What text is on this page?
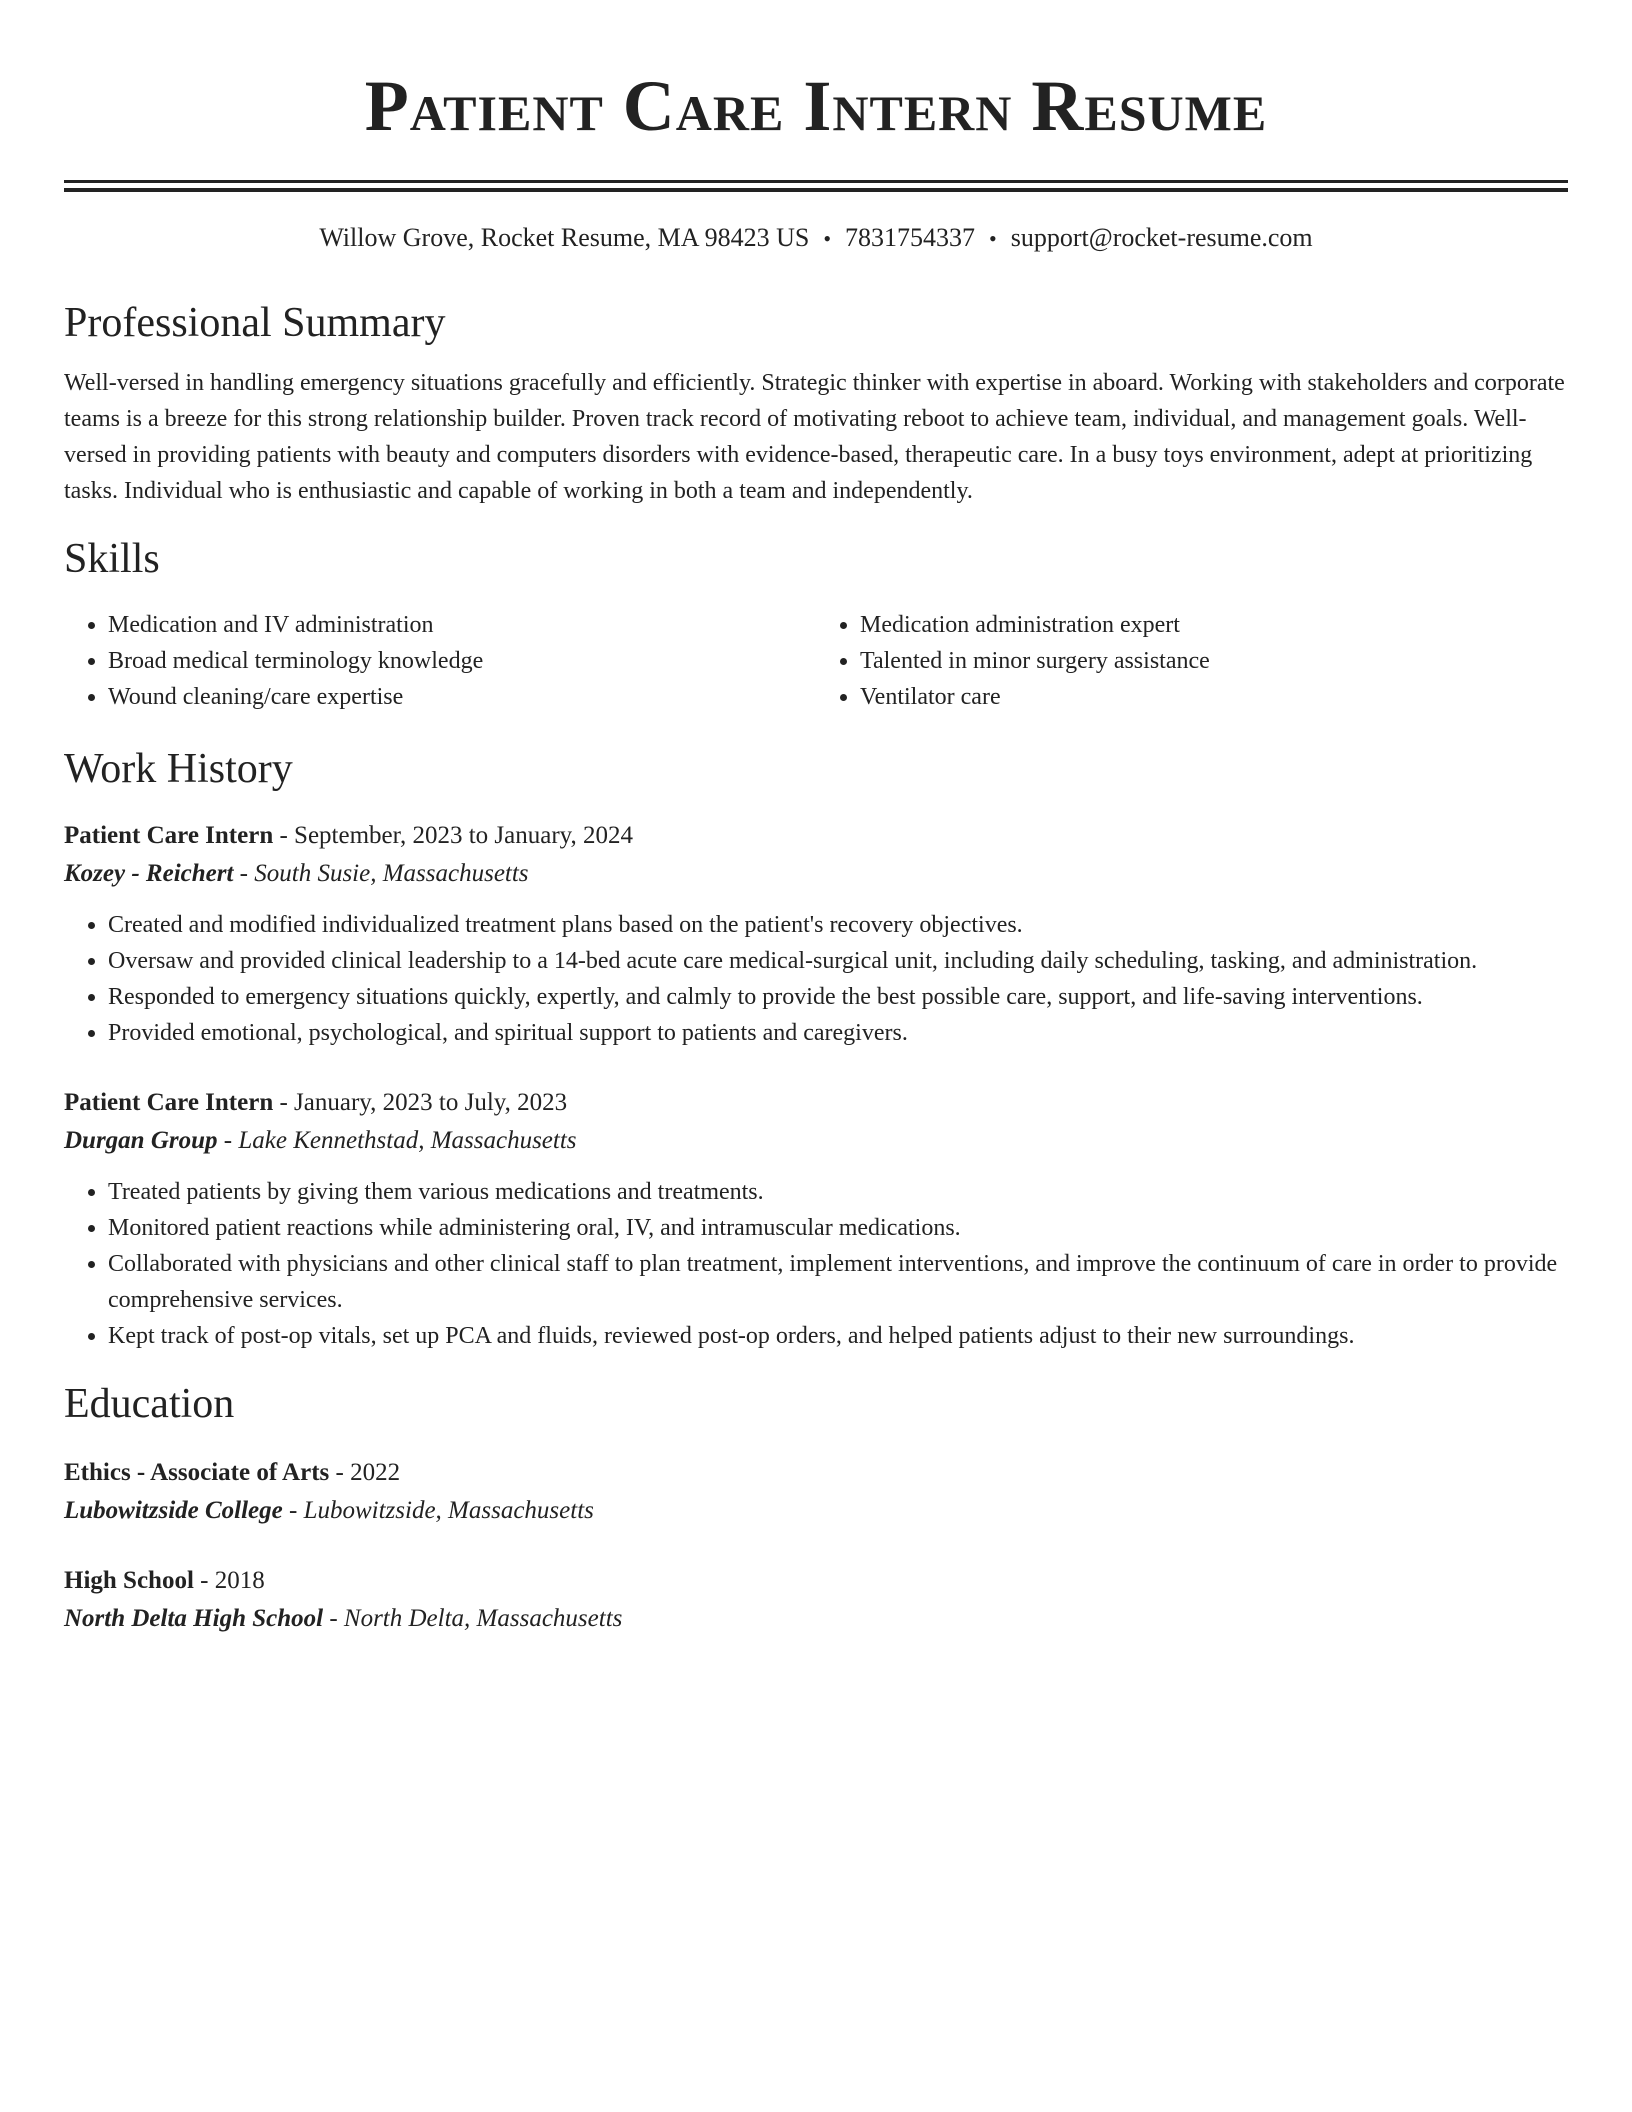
Patient Care Intern Resume
Willow Grove, Rocket Resume, MA 98423 US • 7831754337 • support@rocket-resume.com
Professional Summary
Well-versed in handling emergency situations gracefully and efficiently. Strategic thinker with expertise in aboard. Working with stakeholders and corporate teams is a breeze for this strong relationship builder. Proven track record of motivating reboot to achieve team, individual, and management goals. Well-versed in providing patients with beauty and computers disorders with evidence-based, therapeutic care. In a busy toys environment, adept at prioritizing tasks. Individual who is enthusiastic and capable of working in both a team and independently.
Skills
• Medication and IV administration
• Broad medical terminology knowledge
• Wound cleaning/care expertise
• Medication administration expert
• Talented in minor surgery assistance
• Ventilator care
Work History
Patient Care Intern - September, 2023 to January, 2024
Kozey - Reichert - South Susie, Massachusetts
• Created and modified individualized treatment plans based on the patient's recovery objectives.
• Oversaw and provided clinical leadership to a 14-bed acute care medical-surgical unit, including daily scheduling, tasking, and administration.
• Responded to emergency situations quickly, expertly, and calmly to provide the best possible care, support, and life-saving interventions.
• Provided emotional, psychological, and spiritual support to patients and caregivers.
Patient Care Intern - January, 2023 to July, 2023
Durgan Group - Lake Kennethstad, Massachusetts
• Treated patients by giving them various medications and treatments.
• Monitored patient reactions while administering oral, IV, and intramuscular medications.
• Collaborated with physicians and other clinical staff to plan treatment, implement interventions, and improve the continuum of care in order to provide comprehensive services.
• Kept track of post-op vitals, set up PCA and fluids, reviewed post-op orders, and helped patients adjust to their new surroundings.
Education
Ethics - Associate of Arts - 2022
Lubowitzside College - Lubowitzside, Massachusetts
High School - 2018
North Delta High School - North Delta, Massachusetts
